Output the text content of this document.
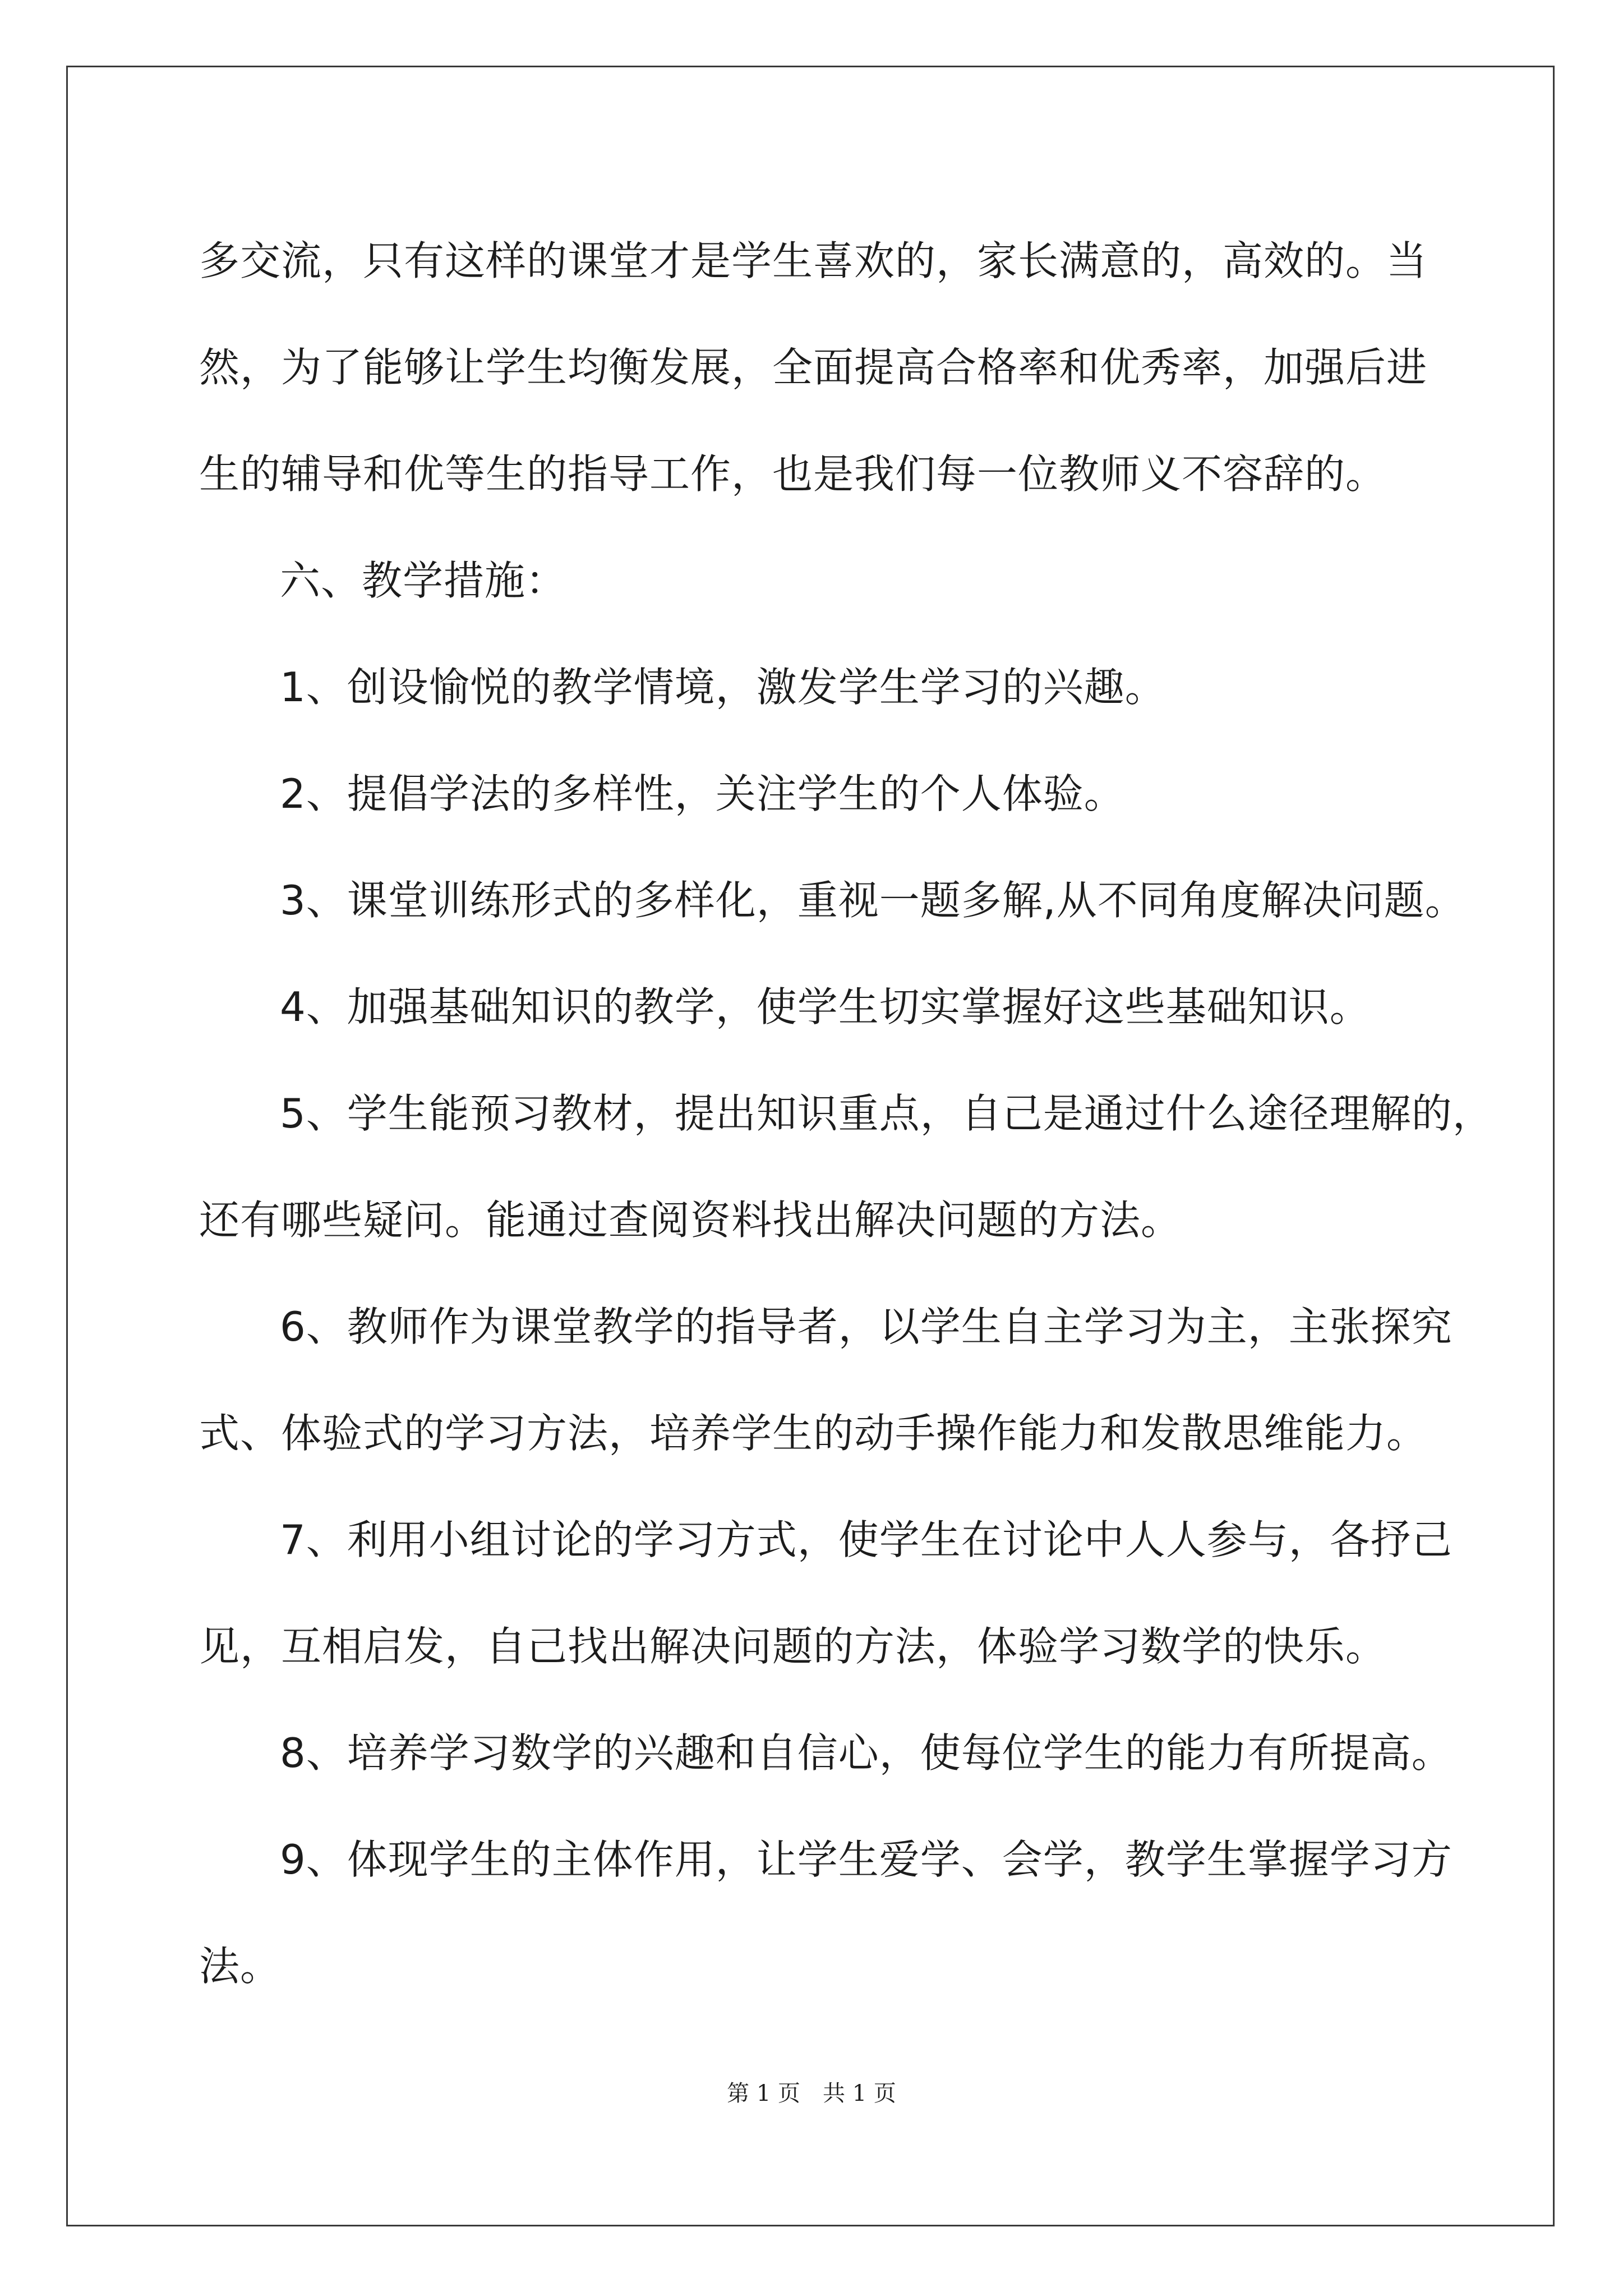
多交流，只有这样的课堂才是学生喜欢的，家长满意的，高效的。当
然，为了能够让学生均衡发展，全面提高合格率和优秀率，加强后进
生的辅导和优等生的指导工作，也是我们每一位教师义不容辞的。
六、教学措施：
1、创设愉悦的教学情境，激发学生学习的兴趣。
2、提倡学法的多样性，关注学生的个人体验。
3、课堂训练形式的多样化，重视一题多解,从不同角度解决问题。
4、加强基础知识的教学，使学生切实掌握好这些基础知识。
5、学生能预习教材，提出知识重点，自己是通过什么途径理解的，
还有哪些疑问。能通过查阅资料找出解决问题的方法。
6、教师作为课堂教学的指导者，以学生自主学习为主，主张探究
式、体验式的学习方法，培养学生的动手操作能力和发散思维能力。
7、利用小组讨论的学习方式，使学生在讨论中人人参与，各抒己
见，互相启发，自己找出解决问题的方法，体验学习数学的快乐。
8、培养学习数学的兴趣和自信心，使每位学生的能力有所提高。
9、体现学生的主体作用，让学生爱学、会学，教学生掌握学习方
法。
第 1 页　共 1 页
